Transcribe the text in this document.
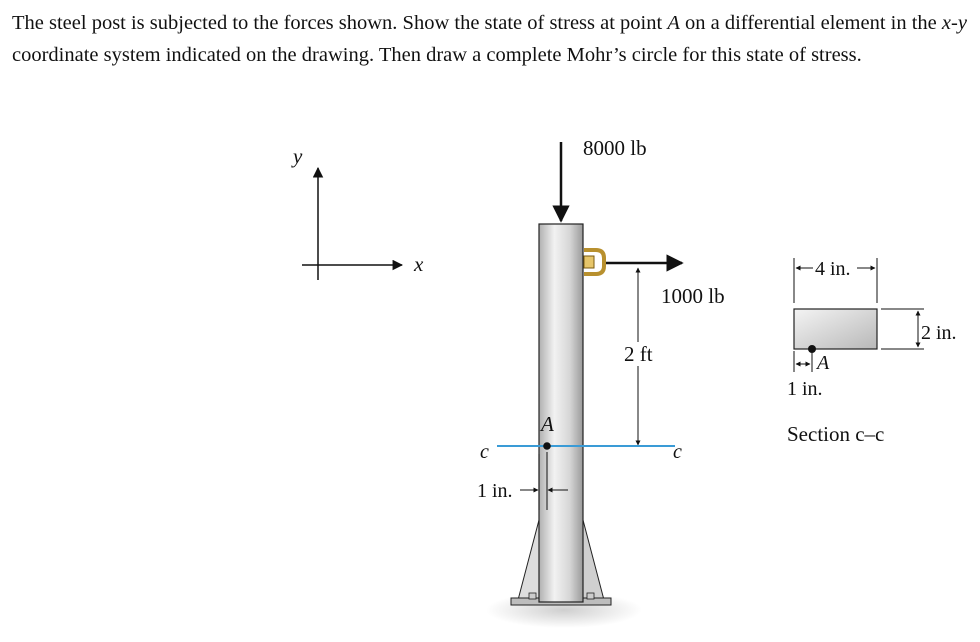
The steel post is subjected to the forces shown. Show the state of stress at point A on a differential element in the x-y coordinate system indicated on the drawing. Then draw a complete Mohr’s circle for this state of stress.

y
x
8000 lb
1000 lb
2 ft
c	c
A
1 in.
4 in.
2 in.
A
1 in.
Section c–c
